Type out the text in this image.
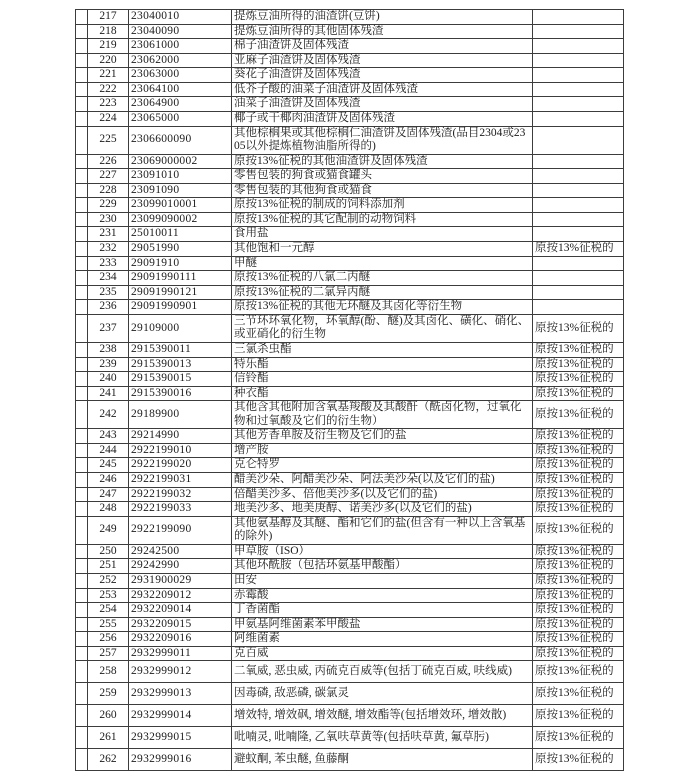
	217	23040010	提炼豆油所得的油渣饼(豆饼)	
	218	23040090	提炼豆油所得的其他固体残渣	
	219	23061000	棉子油渣饼及固体残渣	
	220	23062000	亚麻子油渣饼及固体残渣	
	221	23063000	葵花子油渣饼及固体残渣	
	222	23064100	低芥子酸的油菜子油渣饼及固体残渣	
	223	23064900	油菜子油渣饼及固体残渣	
	224	23065000	椰子或干椰肉油渣饼及固体残渣	
	225	2306600090	其他棕榈果或其他棕榈仁油渣饼及固体残渣(品目2304或2305以外提炼植物油脂所得的)	
	226	23069000002	原按13%征税的其他油渣饼及固体残渣	
	227	23091010	零售包装的狗食或猫食罐头	
	228	23091090	零售包装的其他狗食或猫食	
	229	23099010001	原按13%征税的制成的饲料添加剂	
	230	23099090002	原按13%征税的其它配制的动物饲料	
	231	25010011	食用盐	
	232	29051990	其他饱和一元醇	原按13%征税的
	233	29091910	甲醚	
	234	29091990111	原按13%征税的八氯二丙醚	
	235	29091990121	原按13%征税的二氯异丙醚	
	236	29091990901	原按13%征税的其他无环醚及其卤化等衍生物	
	237	29109000	三节环环氧化物，环氧醇(酚、醚)及其卤化、磺化、硝化、或亚硝化的衍生物	原按13%征税的
	238	2915390011	三氯杀虫酯	原按13%征税的
	239	2915390013	特乐酯	原按13%征税的
	240	2915390015	信铃酯	原按13%征税的
	241	2915390016	种衣酯	原按13%征税的
	242	29189900	其他含其他附加含氧基羧酸及其酸酐（酰卤化物，过氧化物和过氧酸及它们的衍生物）	原按13%征税的
	243	29214990	其他芳香单胺及衍生物及它们的盐	原按13%征税的
	244	2922199010	增产胺	原按13%征税的
	245	2922199020	克仑特罗	原按13%征税的
	246	2922199031	醋美沙朵、阿醋美沙朵、阿法美沙朵(以及它们的盐)	原按13%征税的
	247	2922199032	倍醋美沙多、倍他美沙多(以及它们的盐)	原按13%征税的
	248	2922199033	地美沙多、地美庚醇、诺美沙多(以及它们的盐)	原按13%征税的
	249	2922199090	其他氨基醇及其醚、酯和它们的盐(但含有一种以上含氧基的除外)	原按13%征税的
	250	29242500	甲草胺（ISO）	原按13%征税的
	251	29242990	其他环酰胺（包括环氨基甲酸酯）	原按13%征税的
	252	2931900029	田安	原按13%征税的
	253	2932209012	赤霉酸	原按13%征税的
	254	2932209014	丁香菌酯	原按13%征税的
	255	2932209015	甲氨基阿维菌素苯甲酸盐	原按13%征税的
	256	2932209016	阿维菌素	原按13%征税的
	257	2932999011	克百威	原按13%征税的
	258	2932999012	二氧威, 恶虫威, 丙硫克百威等(包括丁硫克百威, 呋线威)	原按13%征税的
	259	2932999013	因毒磷, 敌恶磷, 碳氯灵	原按13%征税的
	260	2932999014	增效特, 增效砜, 增效醚, 增效酯等(包括增效环, 增效散)	原按13%征税的
	261	2932999015	吡喃灵, 吡喃隆, 乙氧呋草黄等(包括呋草黄, 氟草肟)	原按13%征税的
	262	2932999016	避蚊酮, 苯虫醚, 鱼藤酮	原按13%征税的
